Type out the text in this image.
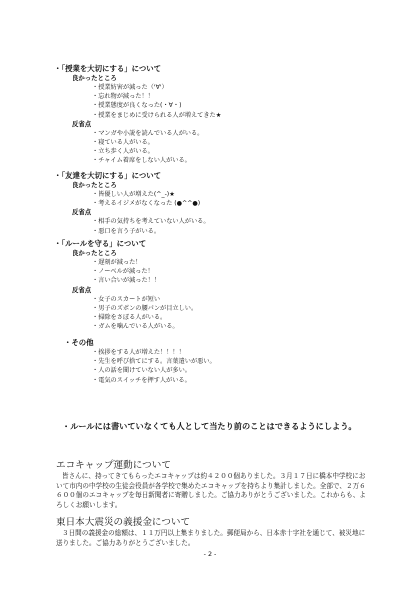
・「授業を大切にする」について
良かったところ
・ 授業妨害が減った（'∀'）
・ 忘れ物が減った！！
・ 授業態度が良くなった(・∀・)
・ 授業をまじめに受けられる人が増えてきた★
反省点
・ マンガや小説を読んでいる人がいる。
・ 寝ている人がいる。
・ 立ち歩く人がいる。
・ チャイム着席をしない人がいる。
・「友達を大切にする」について
良かったところ
・ 皆優しい人が増えた(^_-)★
・ 考えるイジメがなくなった (●^^●)
反省点
・ 相手の気持ちを考えていない人がいる。
・ 悪口を言う子がいる。
・「ルールを守る」について
良かったところ
・ 遅刻が減った！
・ ノーベルが減った！
・ 言い合いが減った！！
反省点
・ 女子のスカートが短い
・ 男子のズボンの腰パンが目立しい。
・ 掃除をさぼる人がいる。
・ ガムを噛んでいる人がいる。
・その他
・ 挨拶をする人が増えた！！！！
・ 先生を呼び捨てにする。言葉遣いが悪い。
・ 人の話を聞けていない人が多い。
・ 電気のスイッチを押す人がいる。
・ルールには書いていなくても人として当たり前のことはできるようにしよう。
エコキャップ運動について
皆さんに、持ってきてもらったエコキャップは約４２００個ありました。３月１７日に橋本中学校において市内の中学校の生徒会役員が各学校で集めたエコキャップを持ちより集計しました。全部で、２万６６００個のエコキャップを毎日新聞者に寄贈しました。ご協力ありがとうございました。これからも、よろしくお願いします。
東日本大震災の義援金について
３日間の義援金の総額は、１１万円以上集まりました。郵便局から、日本赤十字社を通じて、被災地に送りました。ご協力ありがとうございました。
- 2 -
